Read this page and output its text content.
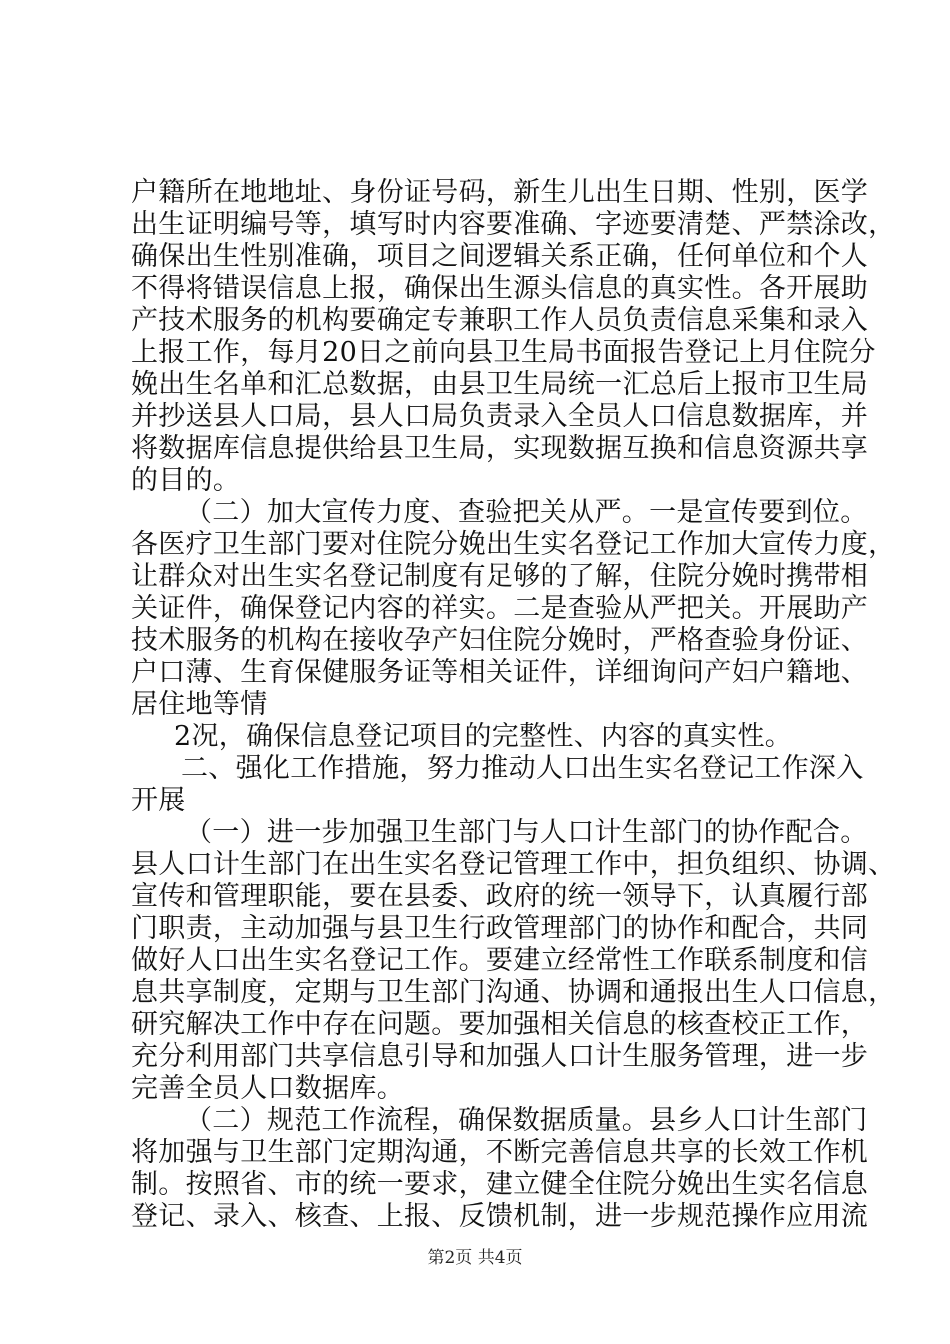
户籍所在地地址、身份证号码，新生儿出生日期、性别，医学
出生证明编号等，填写时内容要准确、字迹要清楚、严禁涂改，
确保出生性别准确，项目之间逻辑关系正确，任何单位和个人
不得将错误信息上报，确保出生源头信息的真实性。各开展助
产技术服务的机构要确定专兼职工作人员负责信息采集和录入
上报工作，每月20日之前向县卫生局书面报告登记上月住院分
娩出生名单和汇总数据，由县卫生局统一汇总后上报市卫生局
并抄送县人口局，县人口局负责录入全员人口信息数据库，并
将数据库信息提供给县卫生局，实现数据互换和信息资源共享
的目的。
（二）加大宣传力度、查验把关从严。一是宣传要到位。
各医疗卫生部门要对住院分娩出生实名登记工作加大宣传力度，
让群众对出生实名登记制度有足够的了解，住院分娩时携带相
关证件，确保登记内容的祥实。二是查验从严把关。开展助产
技术服务的机构在接收孕产妇住院分娩时，严格查验身份证、
户口薄、生育保健服务证等相关证件，详细询问产妇户籍地、
居住地等情
2况，确保信息登记项目的完整性、内容的真实性。
二、强化工作措施，努力推动人口出生实名登记工作深入
开展
（一）进一步加强卫生部门与人口计生部门的协作配合。
县人口计生部门在出生实名登记管理工作中，担负组织、协调、
宣传和管理职能，要在县委、政府的统一领导下，认真履行部
门职责，主动加强与县卫生行政管理部门的协作和配合，共同
做好人口出生实名登记工作。要建立经常性工作联系制度和信
息共享制度，定期与卫生部门沟通、协调和通报出生人口信息，
研究解决工作中存在问题。要加强相关信息的核查校正工作，
充分利用部门共享信息引导和加强人口计生服务管理，进一步
完善全员人口数据库。
（二）规范工作流程，确保数据质量。县乡人口计生部门
将加强与卫生部门定期沟通，不断完善信息共享的长效工作机
制。按照省、市的统一要求，建立健全住院分娩出生实名信息
登记、录入、核查、上报、反馈机制，进一步规范操作应用流
第2页 共4页
